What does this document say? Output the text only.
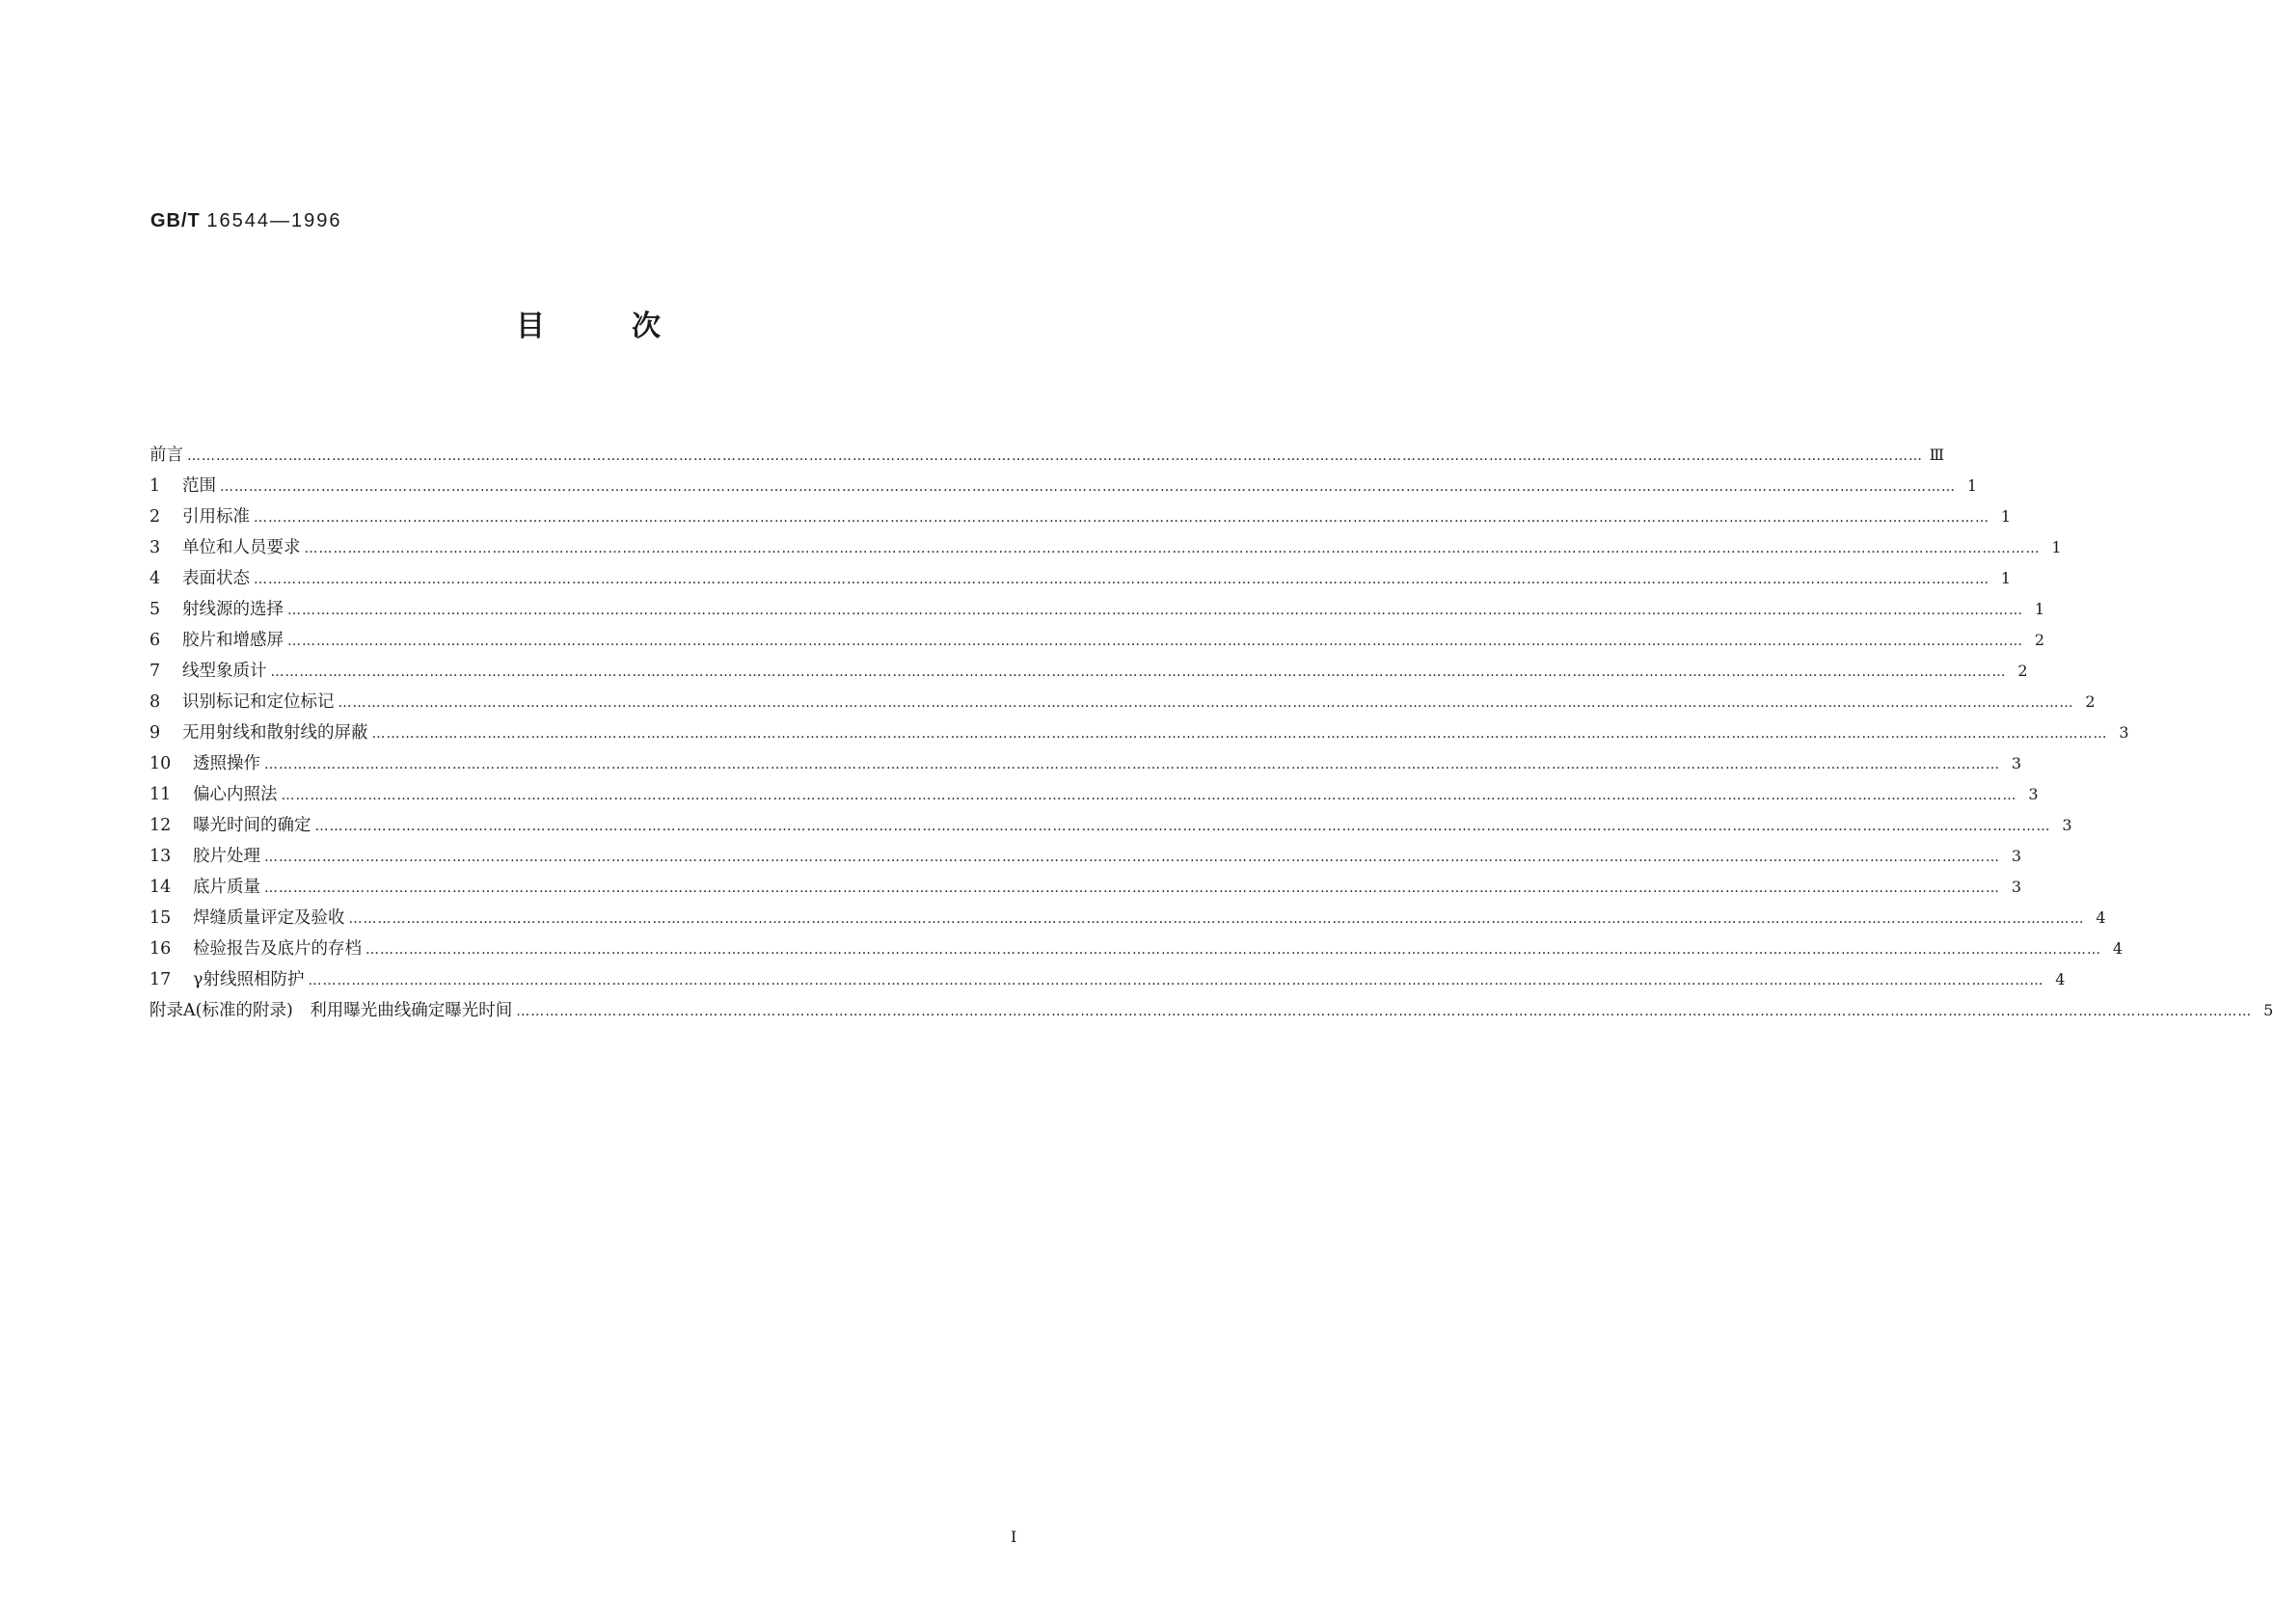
GB/T 16544—1996
目	次
前言 ……………………………………………………………………………………………………………………………………………………………………………………………………………………………………………………………………………………………………………………………… Ⅲ
1	范围 ……………………………………………………………………………………………………………………………………………………………………………………………………………………………………………………………………………………………………………………………… 1
2	引用标准 ……………………………………………………………………………………………………………………………………………………………………………………………………………………………………………………………………………………………………………………………… 1
3	单位和人员要求 ……………………………………………………………………………………………………………………………………………………………………………………………………………………………………………………………………………………………………………………………… 1
4	表面状态 ……………………………………………………………………………………………………………………………………………………………………………………………………………………………………………………………………………………………………………………………… 1
5	射线源的选择 ……………………………………………………………………………………………………………………………………………………………………………………………………………………………………………………………………………………………………………………………… 1
6	胶片和增感屏 ……………………………………………………………………………………………………………………………………………………………………………………………………………………………………………………………………………………………………………………………… 2
7	线型象质计 ……………………………………………………………………………………………………………………………………………………………………………………………………………………………………………………………………………………………………………………………… 2
8	识别标记和定位标记 ……………………………………………………………………………………………………………………………………………………………………………………………………………………………………………………………………………………………………………………………… 2
9	无用射线和散射线的屏蔽 ……………………………………………………………………………………………………………………………………………………………………………………………………………………………………………………………………………………………………………………………… 3
10	透照操作 ……………………………………………………………………………………………………………………………………………………………………………………………………………………………………………………………………………………………………………………………… 3
11	偏心内照法 ……………………………………………………………………………………………………………………………………………………………………………………………………………………………………………………………………………………………………………………………… 3
12	曝光时间的确定 ……………………………………………………………………………………………………………………………………………………………………………………………………………………………………………………………………………………………………………………………… 3
13	胶片处理 ……………………………………………………………………………………………………………………………………………………………………………………………………………………………………………………………………………………………………………………………… 3
14	底片质量 ……………………………………………………………………………………………………………………………………………………………………………………………………………………………………………………………………………………………………………………………… 3
15	焊缝质量评定及验收 ……………………………………………………………………………………………………………………………………………………………………………………………………………………………………………………………………………………………………………………………… 4
16	检验报告及底片的存档 ……………………………………………………………………………………………………………………………………………………………………………………………………………………………………………………………………………………………………………………………… 4
17	γ射线照相防护 ……………………………………………………………………………………………………………………………………………………………………………………………………………………………………………………………………………………………………………………………… 4
附录A(标准的附录)　利用曝光曲线确定曝光时间 ……………………………………………………………………………………………………………………………………………………………………………………………………………………………………………………………………………………………………………………………… 5
I
